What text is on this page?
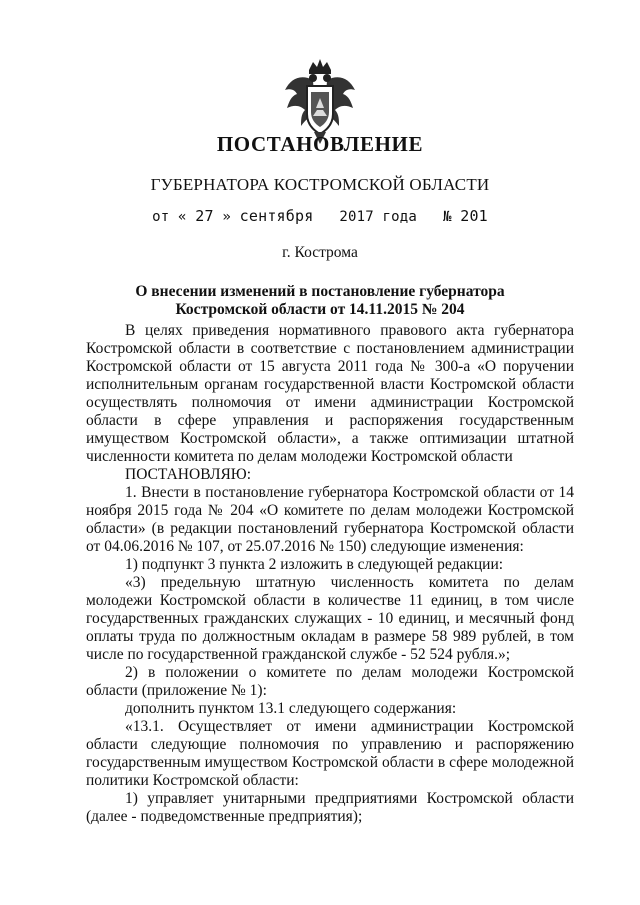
ПОСТАНОВЛЕНИЕ
ГУБЕРНАТОРА КОСТРОМСКОЙ ОБЛАСТИ
от « 27 » сентября 2017 года № 201
г. Кострома
О внесении изменений в постановление губернатора
Костромской области от 14.11.2015 № 204

В целях приведения нормативного правового акта губернатора Костромской области в соответствие с постановлением администрации Костромской области от 15 августа 2011 года № 300-а «О поручении исполнительным органам государственной власти Костромской области осуществлять полномочия от имени администрации Костромской области в сфере управления и распоряжения государственным имуществом Костромской области», а также оптимизации штатной численности комитета по делам молодежи Костромской области

ПОСТАНОВЛЯЮ:

1. Внести в постановление губернатора Костромской области от 14 ноября 2015 года № 204 «О комитете по делам молодежи Костромской области» (в редакции постановлений губернатора Костромской области от 04.06.2016 № 107, от 25.07.2016 № 150) следующие изменения:

1) подпункт 3 пункта 2 изложить в следующей редакции:

«3) предельную штатную численность комитета по делам молодежи Костромской области в количестве 11 единиц, в том числе государственных гражданских служащих - 10 единиц, и месячный фонд оплаты труда по должностным окладам в размере 58 989 рублей, в том числе по государственной гражданской службе - 52 524 рубля.»;

2) в положении о комитете по делам молодежи Костромской области (приложение № 1):

дополнить пунктом 13.1 следующего содержания:

«13.1. Осуществляет от имени администрации Костромской области следующие полномочия по управлению и распоряжению государственным имуществом Костромской области в сфере молодежной политики Костромской области:

1) управляет унитарными предприятиями Костромской области (далее - подведомственные предприятия);
